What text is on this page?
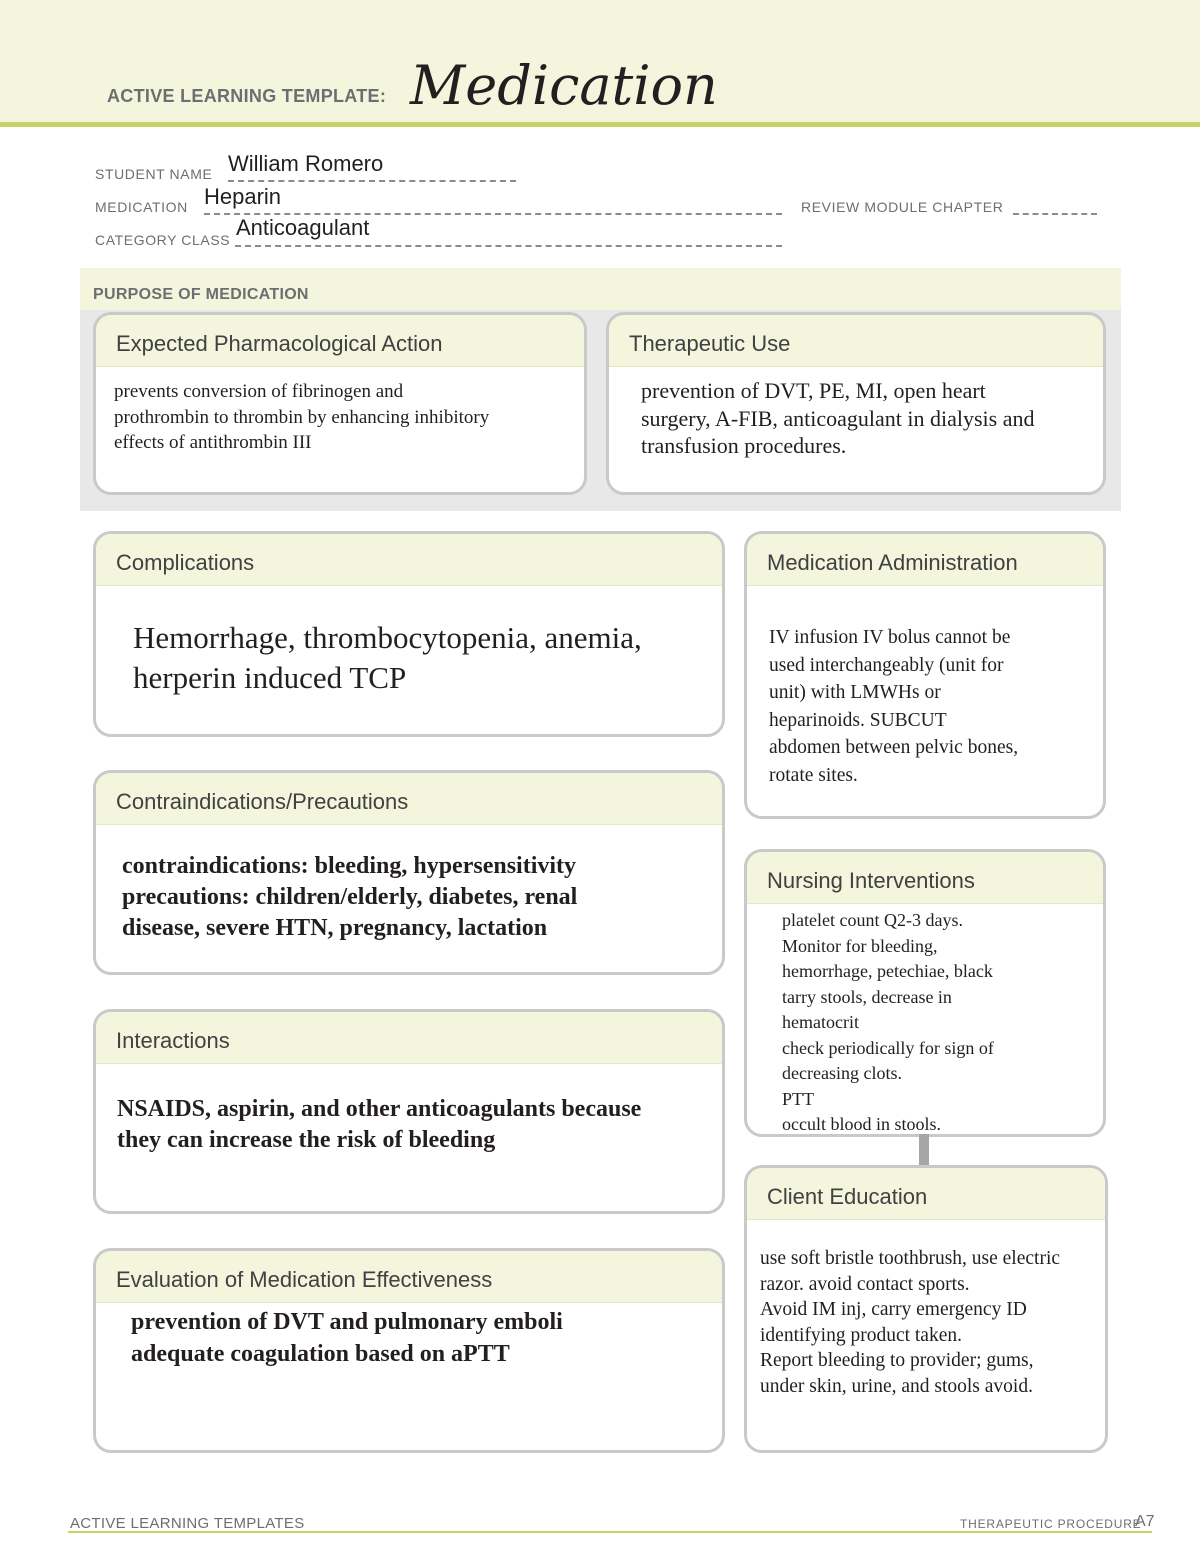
ACTIVE LEARNING TEMPLATE: Medication
STUDENT NAME William Romero
MEDICATION Heparin	REVIEW MODULE CHAPTER
CATEGORY CLASS Anticoagulant
PURPOSE OF MEDICATION
Expected Pharmacological Action
prevents conversion of fibrinogen and
prothrombin to thrombin by enhancing inhibitory
effects of antithrombin III
Therapeutic Use
prevention of DVT, PE, MI, open heart
surgery, A-FIB, anticoagulant in dialysis and
transfusion procedures.
Complications
Hemorrhage, thrombocytopenia, anemia,
herperin induced TCP
Medication Administration
IV infusion IV bolus cannot be
used interchangeably (unit for
unit) with LMWHs or
heparinoids. SUBCUT
abdomen between pelvic bones,
rotate sites.
Contraindications/Precautions
contraindications: bleeding, hypersensitivity
precautions: children/elderly, diabetes, renal
disease, severe HTN, pregnancy, lactation
Nursing Interventions
platelet count Q2-3 days.
Monitor for bleeding,
hemorrhage, petechiae, black
tarry stools, decrease in
hematocrit
check periodically for sign of
decreasing clots.
PTT
occult blood in stools.
Interactions
NSAIDS, aspirin, and other anticoagulants because
they can increase the risk of bleeding
Client Education
use soft bristle toothbrush, use electric
razor. avoid contact sports.
Avoid IM inj, carry emergency ID
identifying product taken.
Report bleeding to provider; gums,
under skin, urine, and stools avoid.
Evaluation of Medication Effectiveness
prevention of DVT and pulmonary emboli
adequate coagulation based on aPTT
ACTIVE LEARNING TEMPLATES	THERAPEUTIC PROCEDURE
A7
